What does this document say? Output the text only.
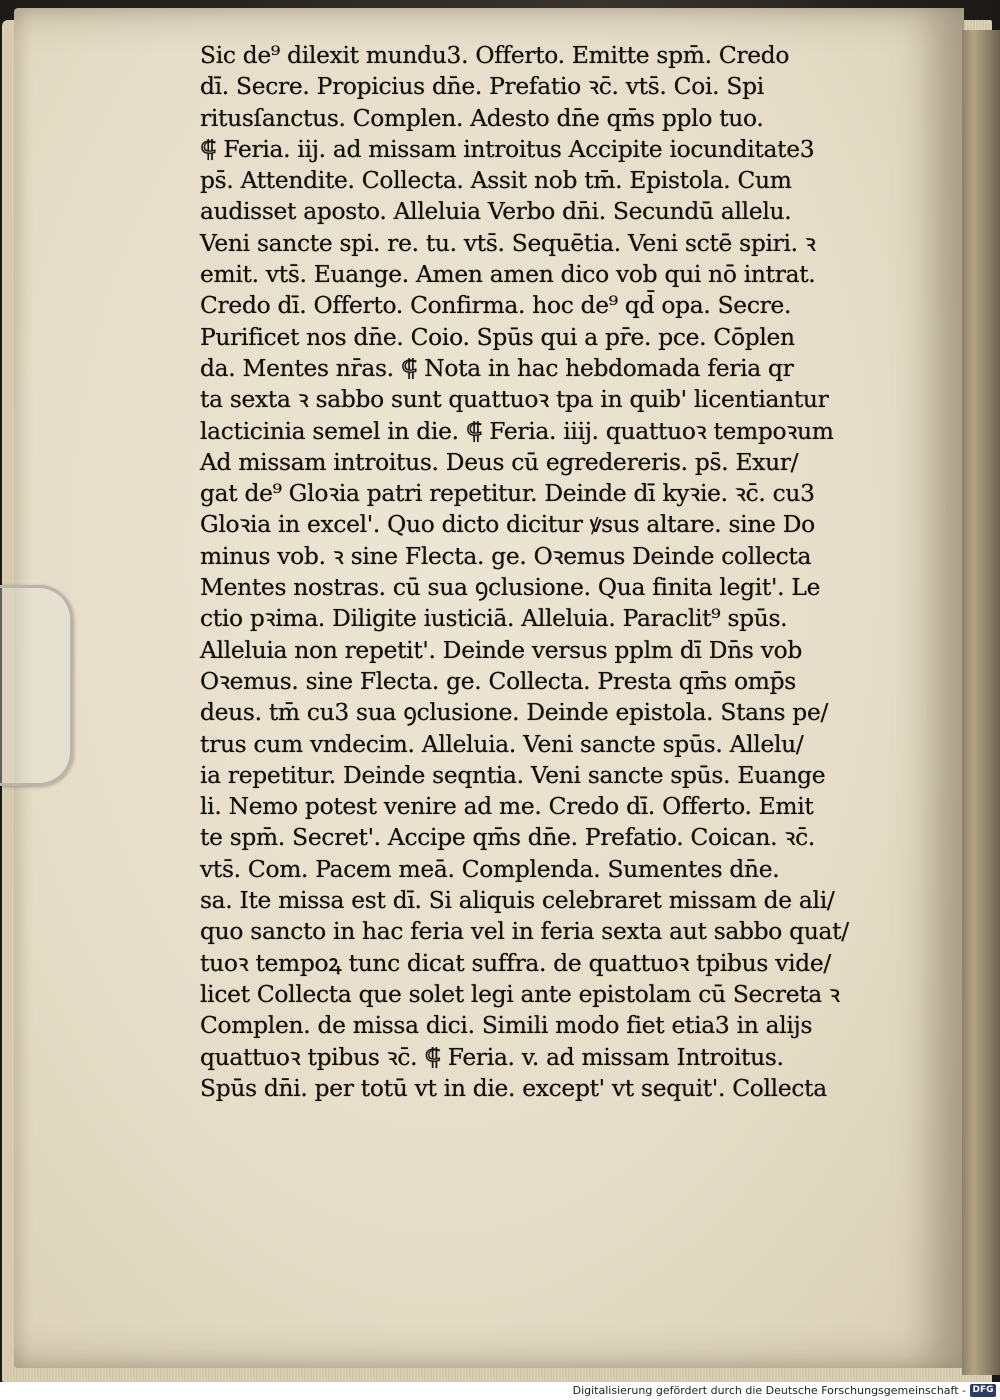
Sic de⁹ dilexit mundu3. Offerto. Emitte spm̄. Credo
dī. Secre. Propicius dn̄e. Prefatio ꝛc̄. vts̄. Coi. Spi
ritusſanctus. Complen. Adesto dn̄e qm̄s pplo tuo.
⸿ Feria. iij. ad missam introitus Accipite iocunditate3
ps̄. Attendite. Collecta. Assit nob tm̄. Epistola. Cum
audisset aposto. Alleluia Verbo dn̄i. Secundū allelu.
Veni sancte spi. re. tu. vts̄. Sequētia. Veni sctē spiri. ꝛ
emit. vts̄. Euange. Amen amen dico vob qui nō intrat.
Credo dī. Offerto. Confirma. hoc de⁹ qd̄ opa. Secre.
Purificet nos dn̄e. Coio. Spūs qui a pr̄e. pce. Cōplen
da. Mentes nr̄as. ⸿ Nota in hac hebdomada feria qr
ta sexta ꝛ sabbo sunt quattuoꝛ tpa in quib' licentiantur
lacticinia semel in die. ⸿ Feria. iiij. quattuoꝛ tempoꝛum
Ad missam introitus. Deus cū egredereris. ps̄. Exur/
gat de⁹ Gloꝛia patri repetitur. Deinde dī kyꝛie. ꝛc̄. cu3
Gloꝛia in excel'. Quo dicto dicitur ꝟsus altare. sine Do
minus vob. ꝛ sine Flecta. ge. Oꝛemus Deinde collecta
Mentes nostras. cū sua ꝯclusione. Qua finita legit'. Le
ctio pꝛima. Diligite iusticiā. Alleluia. Paraclit⁹ spūs.
Alleluia non repetit'. Deinde versus pplm dī Dn̄s vob
Oꝛemus. sine Flecta. ge. Collecta. Presta qm̄s omp̄s
deus. tm̄ cu3 sua ꝯclusione. Deinde epistola. Stans pe/
trus cum vndecim. Alleluia. Veni sancte spūs. Allelu/
ia repetitur. Deinde seqntia. Veni sancte spūs. Euange
li. Nemo potest venire ad me. Credo dī. Offerto. Emit
te spm̄. Secret'. Accipe qm̄s dn̄e. Prefatio. Coican. ꝛc̄.
vts̄. Com. Pacem meā. Complenda. Sumentes dn̄e.
sa. Ite missa est dī. Si aliquis celebraret missam de ali/
quo sancto in hac feria vel in feria sexta aut sabbo quat/
tuoꝛ tempoꝝ tunc dicat suffra. de quattuoꝛ tpibus vide/
licet Collecta que solet legi ante epistolam cū Secreta ꝛ
Complen. de missa dici. Simili modo fiet etia3 in alijs
quattuoꝛ tpibus ꝛc̄. ⸿ Feria. v. ad missam Introitus.
Spūs dn̄i. per totū vt in die. except' vt sequit'. Collecta
Digitalisierung gefördert durch die Deutsche Forschungsgemeinschaft - DFG
